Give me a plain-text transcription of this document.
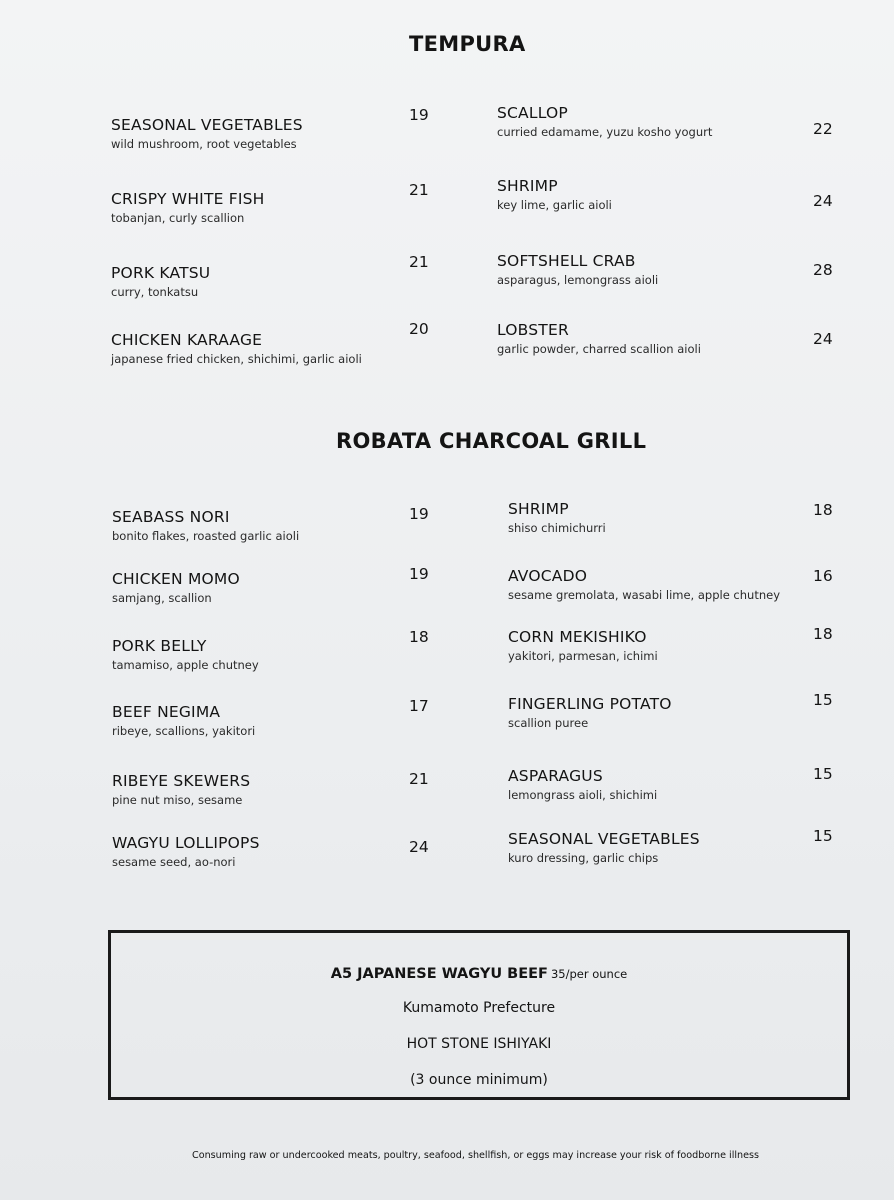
TEMPURA
SEASONAL VEGETABLES
wild mushroom, root vegetables
19
CRISPY WHITE FISH
tobanjan, curly scallion
21
PORK KATSU
curry, tonkatsu
21
CHICKEN KARAAGE
japanese fried chicken, shichimi, garlic aioli
20
SCALLOP
curried edamame, yuzu kosho yogurt	22
SHRIMP
key lime, garlic aioli	24
SOFTSHELL CRAB
asparagus, lemongrass aioli
28
LOBSTER
garlic powder, charred scallion aioli
24
ROBATA CHARCOAL GRILL
SEABASS NORI
bonito flakes, roasted garlic aioli
19
CHICKEN MOMO
samjang, scallion
19
PORK BELLY
tamamiso, apple chutney
18
BEEF NEGIMA
ribeye, scallions, yakitori
17
RIBEYE SKEWERS
pine nut miso, sesame
21
WAGYU LOLLIPOPS
sesame seed, ao-nori
24
SHRIMP
shiso chimichurri
18
AVOCADO
sesame gremolata, wasabi lime, apple chutney
16
CORN MEKISHIKO
yakitori, parmesan, ichimi
18
FINGERLING POTATO
scallion puree
15
ASPARAGUS
lemongrass aioli, shichimi
15
SEASONAL VEGETABLES
kuro dressing, garlic chips
15
A5 JAPANESE WAGYU BEEF 35/per ounce
Kumamoto Prefecture
HOT STONE ISHIYAKI
(3 ounce minimum)
Consuming raw or undercooked meats, poultry, seafood, shellfish, or eggs may increase your risk of foodborne illness
